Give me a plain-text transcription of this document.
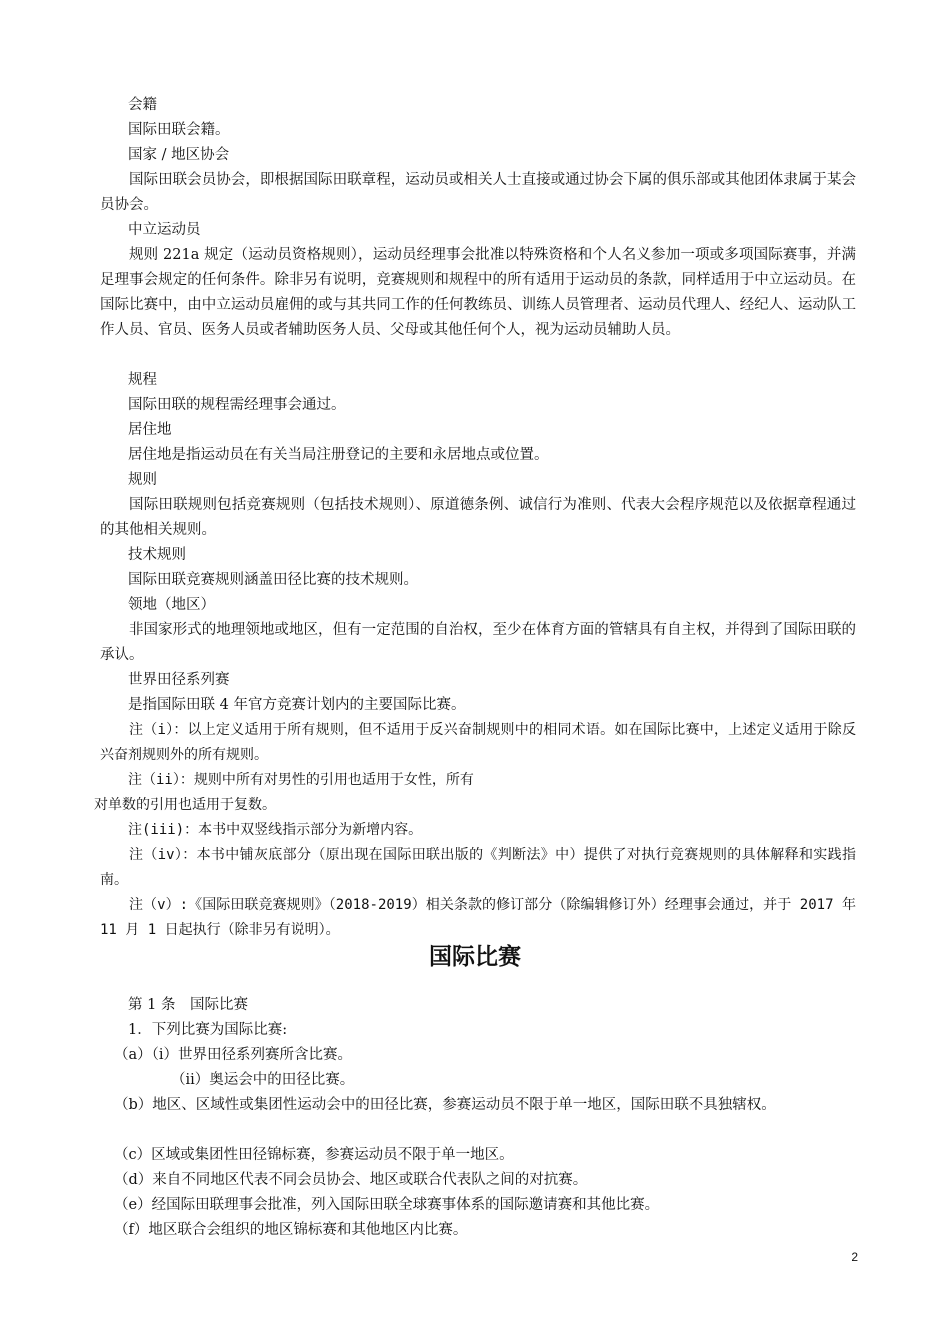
会籍

国际田联会籍。

国家 / 地区协会

国际田联会员协会，即根据国际田联章程，运动员或相关人士直接或通过协会下属的俱乐部或其他团体隶属于某会员协会。

中立运动员

规则 221a 规定（运动员资格规则），运动员经理事会批准以特殊资格和个人名义参加一项或多项国际赛事，并满足理事会规定的任何条件。除非另有说明，竞赛规则和规程中的所有适用于运动员的条款，同样适用于中立运动员。在国际比赛中，由中立运动员雇佣的或与其共同工作的任何教练员、训练人员管理者、运动员代理人、经纪人、运动队工作人员、官员、医务人员或者辅助医务人员、父母或其他任何个人，视为运动员辅助人员。

规程

国际田联的规程需经理事会通过。

居住地

居住地是指运动员在有关当局注册登记的主要和永居地点或位置。

规则

国际田联规则包括竞赛规则（包括技术规则）、原道德条例、诚信行为准则、代表大会程序规范以及依据章程通过的其他相关规则。

技术规则

国际田联竞赛规则涵盖田径比赛的技术规则。

领地（地区）

非国家形式的地理领地或地区，但有一定范围的自治权，至少在体育方面的管辖具有自主权，并得到了国际田联的承认。

世界田径系列赛

是指国际田联 4 年官方竞赛计划内的主要国际比赛。

注（i）：以上定义适用于所有规则，但不适用于反兴奋制规则中的相同术语。如在国际比赛中，上述定义适用于除反兴奋剂规则外的所有规则。

注（ii）：规则中所有对男性的引用也适用于女性，所有

对单数的引用也适用于复数。

注(iii)：本书中双竖线指示部分为新增内容。

注（iv）：本书中铺灰底部分（原出现在国际田联出版的《判断法》中）提供了对执行竞赛规则的具体解释和实践指南。

注（v）:《国际田联竞赛规则》（2018-2019）相关条款的修订部分（除编辑修订外）经理事会通过，并于 2017 年 11 月 1 日起执行（除非另有说明）。

国际比赛

第 1 条　国际比赛

1．下列比赛为国际比赛:

（a）（i）世界田径系列赛所含比赛。

（ii）奥运会中的田径比赛。

（b）地区、区域性或集团性运动会中的田径比赛，参赛运动员不限于单一地区，国际田联不具独辖权。

（c）区域或集团性田径锦标赛，参赛运动员不限于单一地区。

（d）来自不同地区代表不同会员协会、地区或联合代表队之间的对抗赛。

（e）经国际田联理事会批准，列入国际田联全球赛事体系的国际邀请赛和其他比赛。

（f）地区联合会组织的地区锦标赛和其他地区内比赛。

2
